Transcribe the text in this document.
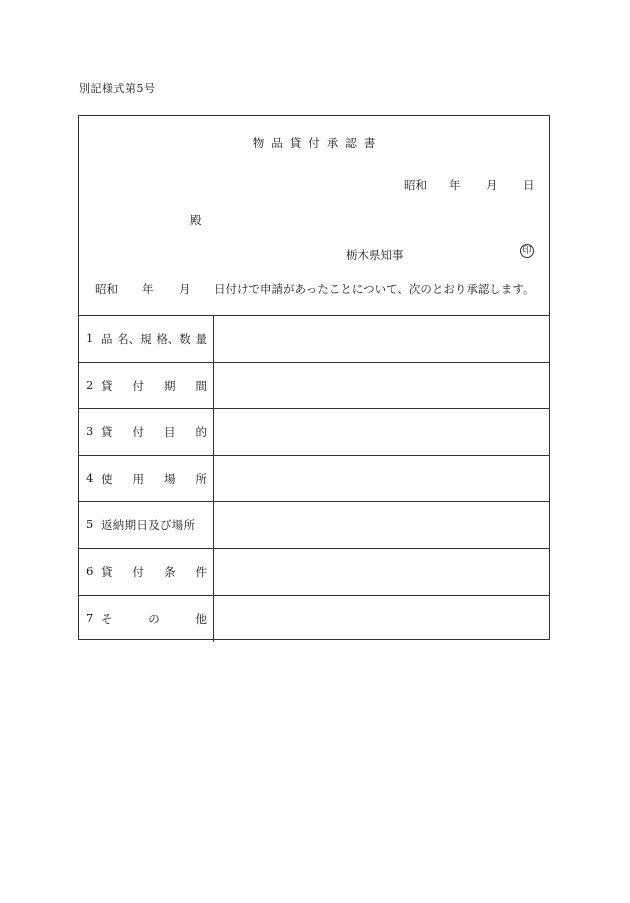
別記様式第5号
物品貸付承認書
昭和 年 月 日
殿
栃木県知事	印
昭和 年 月 日付けで申請があったことについて、次のとおり承認します。
1 品 名、規 格、数 量
2 貸 付 期 間
3 貸 付 目 的
4 使 用 場 所
5 返納期日及び場所
6 貸 付 条 件
7 そ	の	他
